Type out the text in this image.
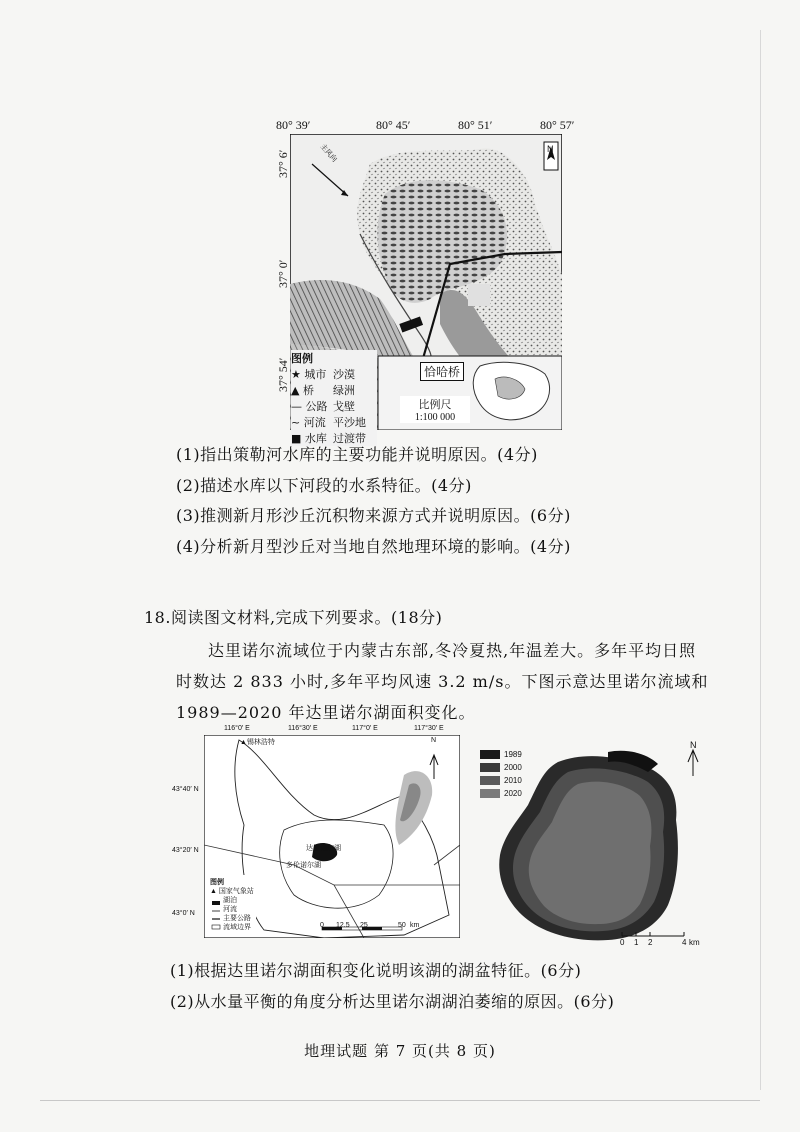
80° 39′	80° 45′	80° 51′	80° 57′
37° 6′
37° 0′
37° 54′
主风向	N
图例
★ 城市 沙漠
▲ 桥	绿洲
— 公路 戈壁
~ 河流 平沙地
■ 水库 过渡带
恰哈桥
比例尺
1:100 000
(1)指出策勒河水库的主要功能并说明原因。(4分)
(2)描述水库以下河段的水系特征。(4分)
(3)推测新月形沙丘沉积物来源方式并说明原因。(6分)
(4)分析新月型沙丘对当地自然地理环境的影响。(4分)
18.阅读图文材料,完成下列要求。(18分)
达里诺尔流域位于内蒙古东部,冬冷夏热,年温差大。多年平均日照
时数达 2 833 小时,多年平均风速 3.2 m/s。下图示意达里诺尔流域和
1989—2020 年达里诺尔湖面积变化。
116°0′ E	116°30′ E	117°0′ E	117°30′ E
43°40′ N
43°20′ N
43°0′ N
▲锡林浩特	N
达里诺尔湖
多伦诺尔湖
图例
▲ 国家气象站
湖泊
河流
主要公路
流域边界	0 12.5 25	50 km
1989
2000
2010
2020
N
0 1 2	4 km
(1)根据达里诺尔湖面积变化说明该湖的湖盆特征。(6分)
(2)从水量平衡的角度分析达里诺尔湖湖泊萎缩的原因。(6分)
地理试题 第 7 页(共 8 页)
